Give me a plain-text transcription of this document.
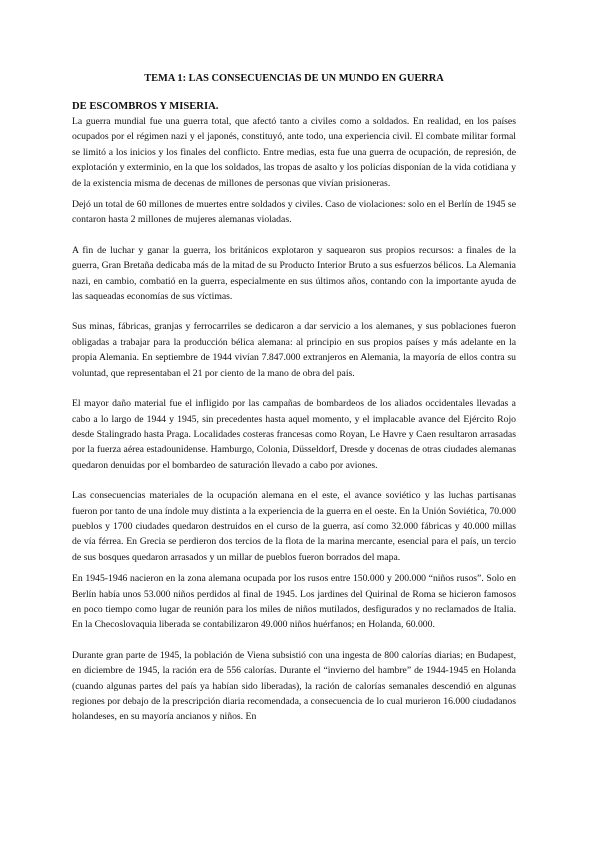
TEMA 1: LAS CONSECUENCIAS DE UN MUNDO EN GUERRA
DE ESCOMBROS Y MISERIA.

La guerra mundial fue una guerra total, que afectó tanto a civiles como a soldados. En realidad, en los países ocupados por el régimen nazi y el japonés, constituyó, ante todo, una experiencia civil. El combate militar formal se limitó a los inicios y los finales del conflicto. Entre medias, esta fue una guerra de ocupación, de represión, de explotación y exterminio, en la que los soldados, las tropas de asalto y los policías disponían de la vida cotidiana y de la existencia misma de decenas de millones de personas que vivían prisioneras.

Dejó un total de 60 millones de muertes entre soldados y civiles. Caso de violaciones: solo en el Berlín de 1945 se contaron hasta 2 millones de mujeres alemanas violadas.

A fin de luchar y ganar la guerra, los británicos explotaron y saquearon sus propios recursos: a finales de la guerra, Gran Bretaña dedicaba más de la mitad de su Producto Interior Bruto a sus esfuerzos bélicos. La Alemania nazi, en cambio, combatió en la guerra, especialmente en sus últimos años, contando con la importante ayuda de las saqueadas economías de sus víctimas.

Sus minas, fábricas, granjas y ferrocarriles se dedicaron a dar servicio a los alemanes, y sus poblaciones fueron obligadas a trabajar para la producción bélica alemana: al principio en sus propios países y más adelante en la propia Alemania. En septiembre de 1944 vivían 7.847.000 extranjeros en Alemania, la mayoría de ellos contra su voluntad, que representaban el 21 por ciento de la mano de obra del país.

El mayor daño material fue el infligido por las campañas de bombardeos de los aliados occidentales llevadas a cabo a lo largo de 1944 y 1945, sin precedentes hasta aquel momento, y el implacable avance del Ejército Rojo desde Stalingrado hasta Praga. Localidades costeras francesas como Royan, Le Havre y Caen resultaron arrasadas por la fuerza aérea estadounidense. Hamburgo, Colonia, Düsseldorf, Dresde y docenas de otras ciudades alemanas quedaron denuidas por el bombardeo de saturación llevado a cabo por aviones.

Las consecuencias materiales de la ocupación alemana en el este, el avance soviético y las luchas partisanas fueron por tanto de una índole muy distinta a la experiencia de la guerra en el oeste. En la Unión Soviética, 70.000 pueblos y 1700 ciudades quedaron destruidos en el curso de la guerra, así como 32.000 fábricas y 40.000 millas de vía férrea. En Grecia se perdieron dos tercios de la flota de la marina mercante, esencial para el país, un tercio de sus bosques quedaron arrasados y un millar de pueblos fueron borrados del mapa.

En 1945-1946 nacieron en la zona alemana ocupada por los rusos entre 150.000 y 200.000 “niños rusos”. Solo en Berlín había unos 53.000 niños perdidos al final de 1945. Los jardines del Quirinal de Roma se hicieron famosos en poco tiempo como lugar de reunión para los miles de niños mutilados, desfigurados y no reclamados de Italia. En la Checoslovaquia liberada se contabilizaron 49.000 niños huérfanos; en Holanda, 60.000.

Durante gran parte de 1945, la población de Viena subsistió con una ingesta de 800 calorías diarias; en Budapest, en diciembre de 1945, la ración era de 556 calorías. Durante el “invierno del hambre” de 1944-1945 en Holanda (cuando algunas partes del país ya habían sido liberadas), la ración de calorías semanales descendió en algunas regiones por debajo de la prescripción diaria recomendada, a consecuencia de lo cual murieron 16.000 ciudadanos holandeses, en su mayoría ancianos y niños. En
